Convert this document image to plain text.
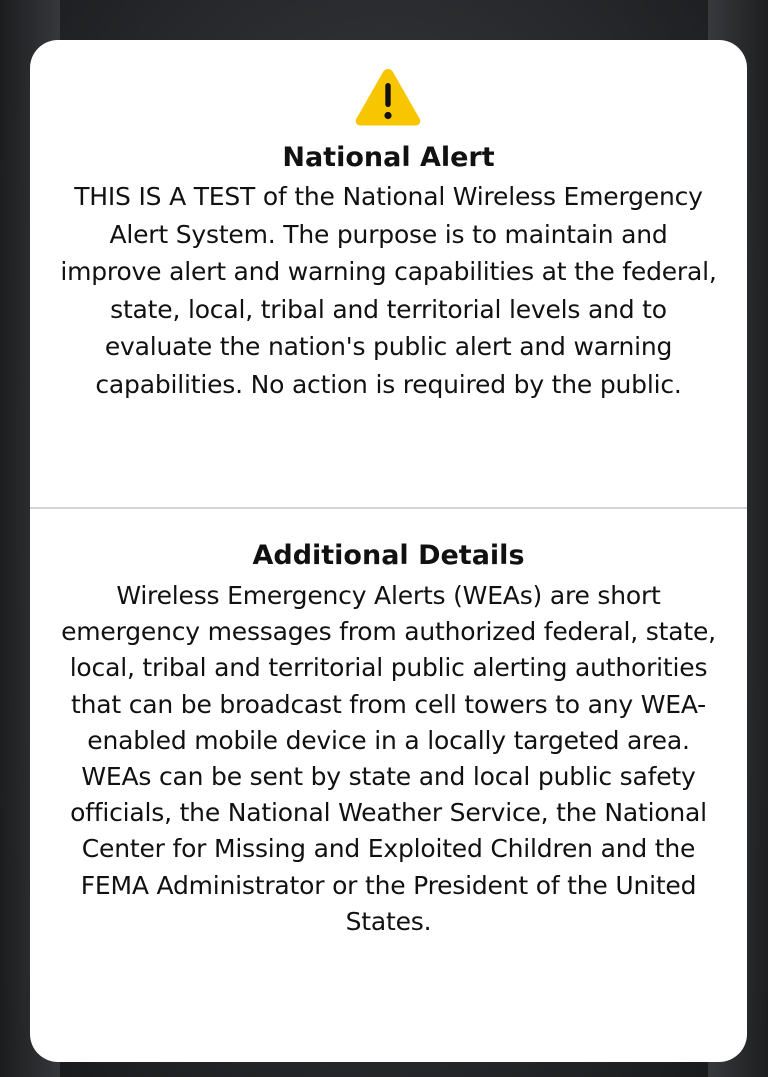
National Alert
THIS IS A TEST of the National Wireless Emergency Alert System. The purpose is to maintain and improve alert and warning capabilities at the federal, state, local, tribal and territorial levels and to evaluate the nation's public alert and warning capabilities. No action is required by the public.
Additional Details
Wireless Emergency Alerts (WEAs) are short emergency messages from authorized federal, state, local, tribal and territorial public alerting authorities that can be broadcast from cell towers to any WEA-enabled mobile device in a locally targeted area. WEAs can be sent by state and local public safety officials, the National Weather Service, the National Center for Missing and Exploited Children and the FEMA Administrator or the President of the United States.
